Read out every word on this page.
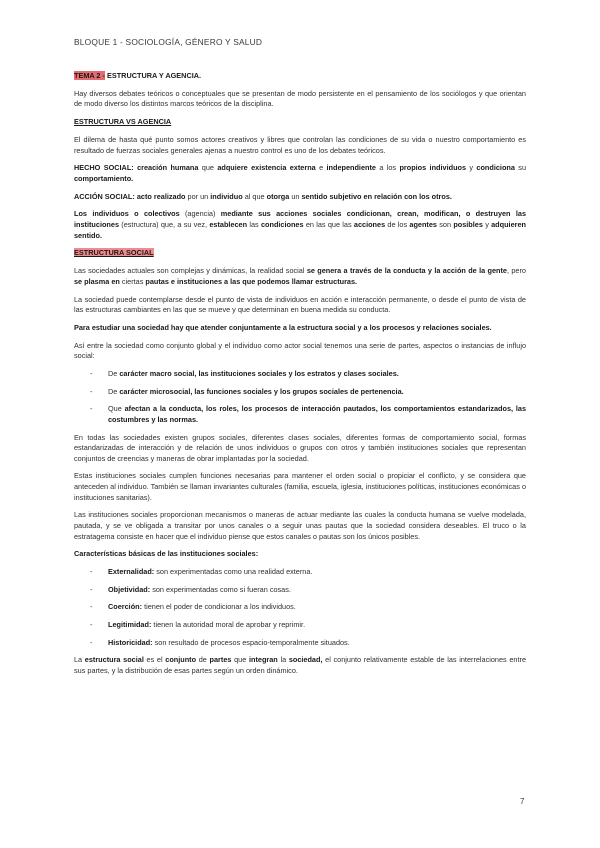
BLOQUE 1 - SOCIOLOGÍA, GÉNERO Y SALUD

TEMA 2 - ESTRUCTURA Y AGENCIA.

Hay diversos debates teóricos o conceptuales que se presentan de modo persistente en el pensamiento de los sociólogos y que orientan de modo diverso los distintos marcos teóricos de la disciplina.

ESTRUCTURA VS AGENCIA

El dilema de hasta qué punto somos actores creativos y libres que controlan las condiciones de su vida o nuestro comportamiento es resultado de fuerzas sociales generales ajenas a nuestro control es uno de los debates teóricos.

HECHO SOCIAL: creación humana que adquiere existencia externa e independiente a los propios individuos y condiciona su comportamiento.

ACCIÓN SOCIAL: acto realizado por un individuo al que otorga un sentido subjetivo en relación con los otros.

Los individuos o colectivos (agencia) mediante sus acciones sociales condicionan, crean, modifican, o destruyen las instituciones (estructura) que, a su vez, establecen las condiciones en las que las acciones de los agentes son posibles y adquieren sentido.

ESTRUCTURA SOCIAL

Las sociedades actuales son complejas y dinámicas, la realidad social se genera a través de la conducta y la acción de la gente, pero se plasma en ciertas pautas e instituciones a las que podemos llamar estructuras.

La sociedad puede contemplarse desde el punto de vista de individuos en acción e interacción permanente, o desde el punto de vista de las estructuras cambiantes en las que se mueve y que determinan en buena medida su conducta.

Para estudiar una sociedad hay que atender conjuntamente a la estructura social y a los procesos y relaciones sociales.

Así entre la sociedad como conjunto global y el individuo como actor social tenemos una serie de partes, aspectos o instancias de influjo social:

- De carácter macro social, las instituciones sociales y los estratos y clases sociales.
- De carácter microsocial, las funciones sociales y los grupos sociales de pertenencia.
- Que afectan a la conducta, los roles, los procesos de interacción pautados, los comportamientos estandarizados, las costumbres y las normas.

En todas las sociedades existen grupos sociales, diferentes clases sociales, diferentes formas de comportamiento social, formas estandarizadas de interacción y de relación de unos individuos o grupos con otros y también instituciones sociales que representan conjuntos de creencias y maneras de obrar implantadas por la sociedad.

Estas instituciones sociales cumplen funciones necesarias para mantener el orden social o propiciar el conflicto, y se considera que anteceden al individuo. También se llaman invariantes culturales (familia, escuela, iglesia, instituciones políticas, instituciones económicas o instituciones sanitarias).

Las instituciones sociales proporcionan mecanismos o maneras de actuar mediante las cuales la conducta humana se vuelve modelada, pautada, y se ve obligada a transitar por unos canales o a seguir unas pautas que la sociedad considera deseables. El truco o la estratagema consiste en hacer que el individuo piense que estos canales o pautas son los únicos posibles.

Características básicas de las instituciones sociales:

- Externalidad: son experimentadas como una realidad externa.
- Objetividad: son experimentadas como si fueran cosas.
- Coerción: tienen el poder de condicionar a los individuos.
- Legitimidad: tienen la autoridad moral de aprobar y reprimir.
- Historicidad: son resultado de procesos espacio-temporalmente situados.

La estructura social es el conjunto de partes que integran la sociedad, el conjunto relativamente estable de las interrelaciones entre sus partes, y la distribución de esas partes según un orden dinámico.

7
